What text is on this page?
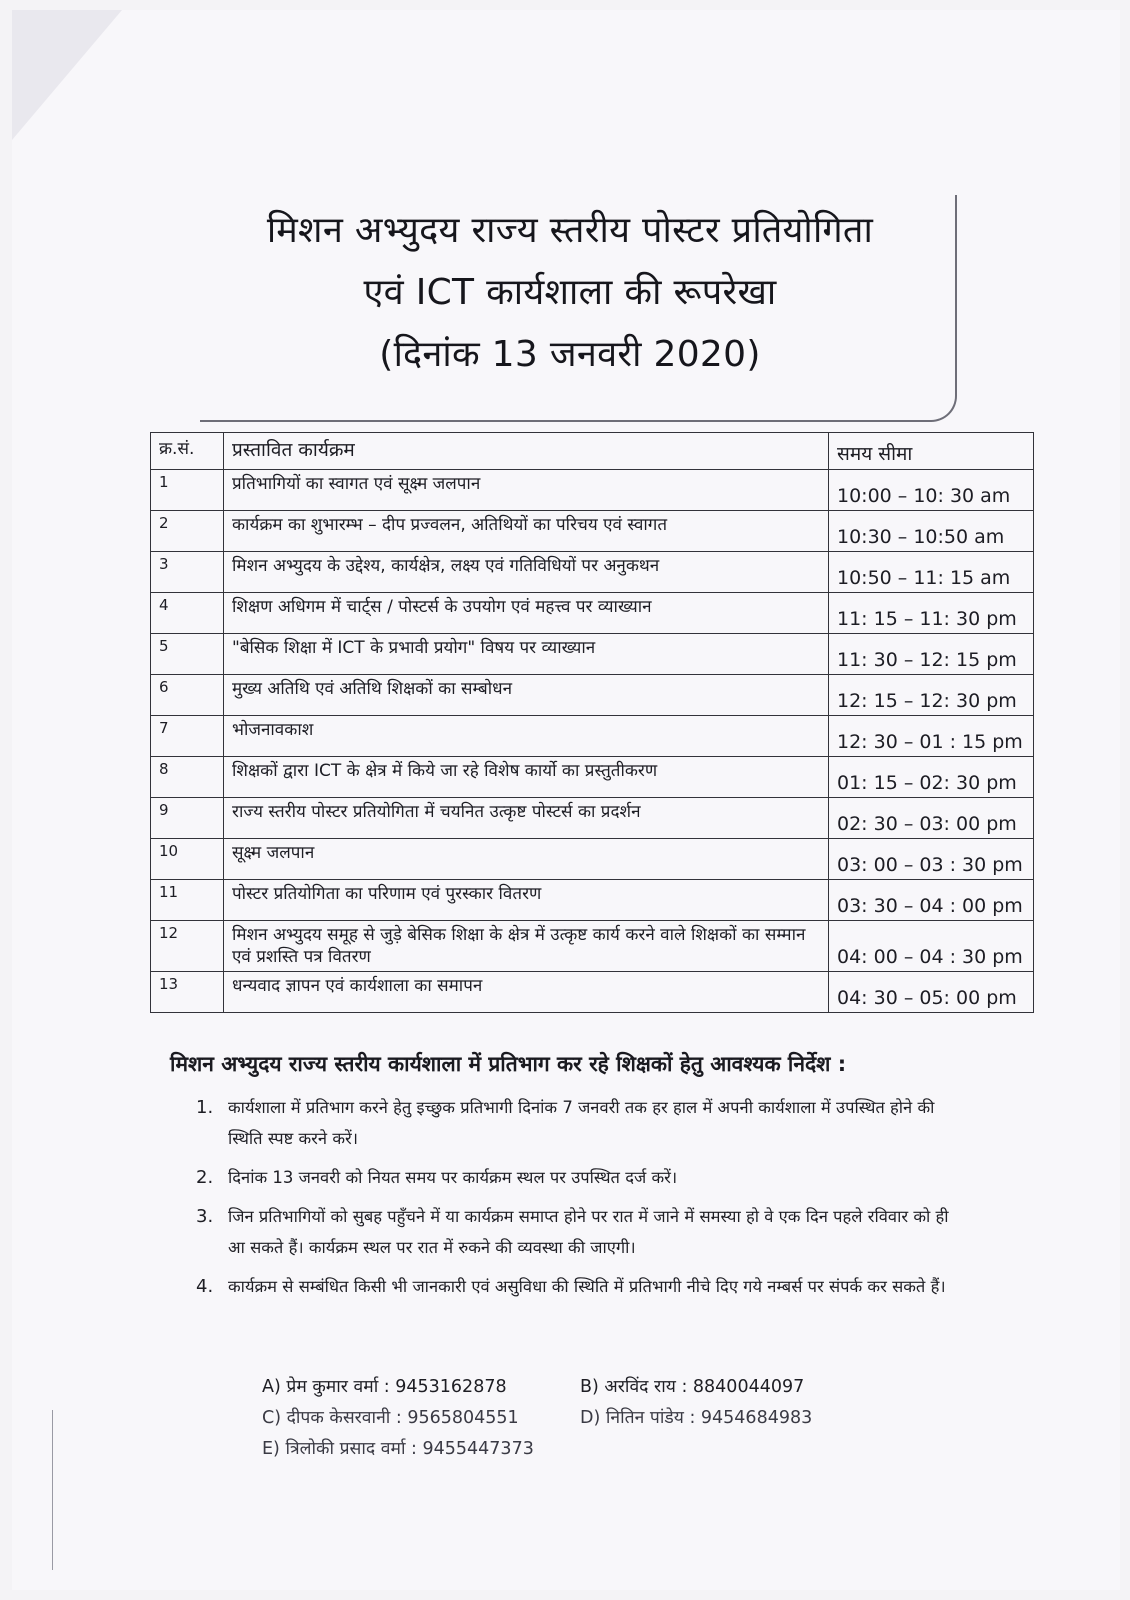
मिशन अभ्युदय राज्य स्तरीय पोस्टर प्रतियोगिता
एवं ICT कार्यशाला की रूपरेखा
(दिनांक 13 जनवरी 2020)
क्र.सं.	प्रस्तावित कार्यक्रम	समय सीमा
1	प्रतिभागियों का स्वागत एवं सूक्ष्म जलपान	10:00 – 10: 30 am
2	कार्यक्रम का शुभारम्भ – दीप प्रज्वलन, अतिथियों का परिचय एवं स्वागत	10:30 – 10:50 am
3	मिशन अभ्युदय के उद्देश्य, कार्यक्षेत्र, लक्ष्य एवं गतिविधियों पर अनुकथन	10:50 – 11: 15 am
4	शिक्षण अधिगम में चार्ट्स / पोस्टर्स के उपयोग एवं महत्त्व पर व्याख्यान	11: 15 – 11: 30 pm
5	"बेसिक शिक्षा में ICT के प्रभावी प्रयोग" विषय पर व्याख्यान	11: 30 – 12: 15 pm
6	मुख्य अतिथि एवं अतिथि शिक्षकों का सम्बोधन	12: 15 – 12: 30 pm
7	भोजनावकाश	12: 30 – 01 : 15 pm
8	शिक्षकों द्वारा ICT के क्षेत्र में किये जा रहे विशेष कार्यो का प्रस्तुतीकरण	01: 15 – 02: 30 pm
9	राज्य स्तरीय पोस्टर प्रतियोगिता में चयनित उत्कृष्ट पोस्टर्स का प्रदर्शन	02: 30 – 03: 00 pm
10	सूक्ष्म जलपान	03: 00 – 03 : 30 pm
11	पोस्टर प्रतियोगिता का परिणाम एवं पुरस्कार वितरण	03: 30 – 04 : 00 pm
12	मिशन अभ्युदय समूह से जुड़े बेसिक शिक्षा के क्षेत्र में उत्कृष्ट कार्य करने वाले शिक्षकों का सम्मान एवं प्रशस्ति पत्र वितरण	04: 00 – 04 : 30 pm
13	धन्यवाद ज्ञापन एवं कार्यशाला का समापन	04: 30 – 05: 00 pm
मिशन अभ्युदय राज्य स्तरीय कार्यशाला में प्रतिभाग कर रहे शिक्षकों हेतु आवश्यक निर्देश :
1. कार्यशाला में प्रतिभाग करने हेतु इच्छुक प्रतिभागी दिनांक 7 जनवरी तक हर हाल में अपनी कार्यशाला में उपस्थित होने की स्थिति स्पष्ट करने करें।
2. दिनांक 13 जनवरी को नियत समय पर कार्यक्रम स्थल पर उपस्थित दर्ज करें।
3. जिन प्रतिभागियों को सुबह पहुँचने में या कार्यक्रम समाप्त होने पर रात में जाने में समस्या हो वे एक दिन पहले रविवार को ही आ सकते हैं। कार्यक्रम स्थल पर रात में रुकने की व्यवस्था की जाएगी।
4. कार्यक्रम से सम्बंधित किसी भी जानकारी एवं असुविधा की स्थिति में प्रतिभागी नीचे दिए गये नम्बर्स पर संपर्क कर सकते हैं।
A) प्रेम कुमार वर्मा : 9453162878	B) अरविंद राय : 8840044097
C) दीपक केसरवानी : 9565804551	D) नितिन पांडेय : 9454684983
E) त्रिलोकी प्रसाद वर्मा : 9455447373
